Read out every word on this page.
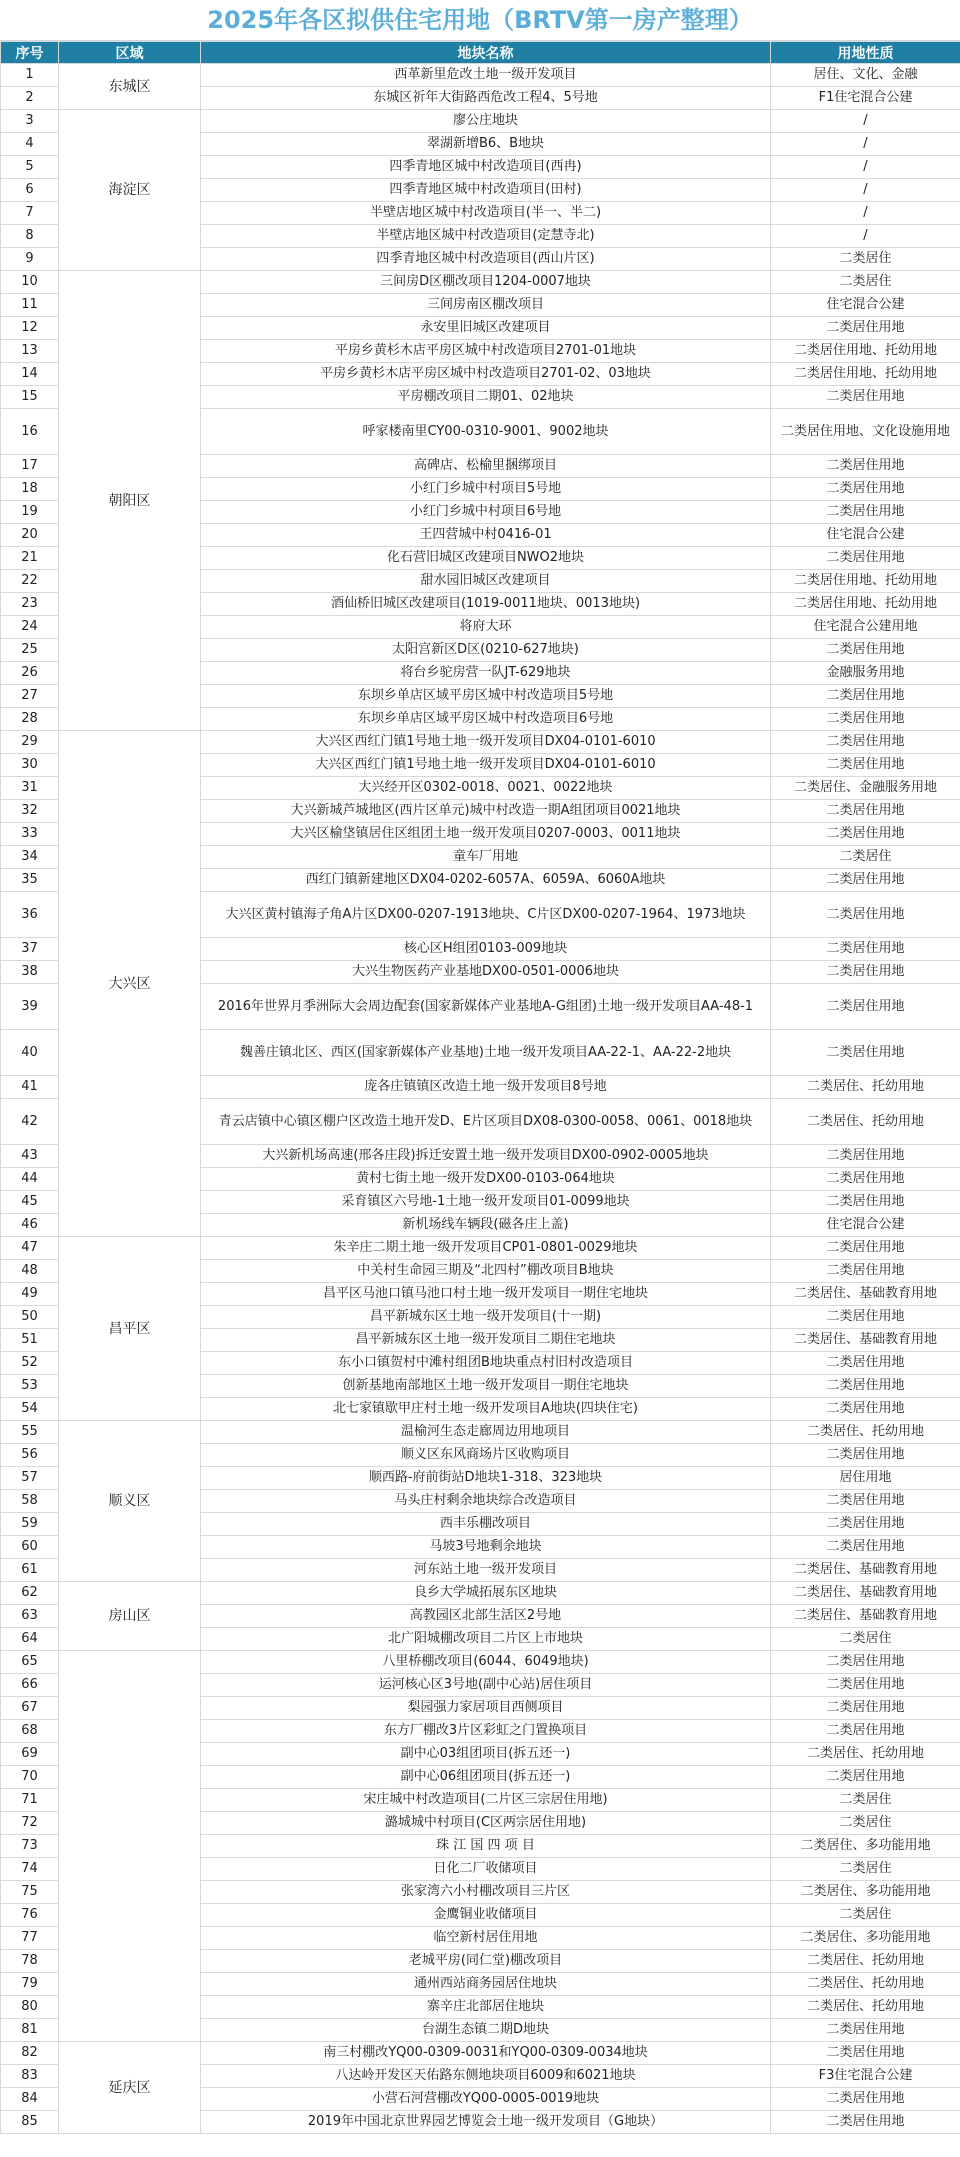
2025年各区拟供住宅用地（BRTV第一房产整理）
序号	区域	地块名称	用地性质
1	东城区	西革新里危改土地一级开发项目	居住、文化、金融
2		东城区祈年大街路西危改工程4、5号地	F1住宅混合公建
3	海淀区	廖公庄地块	/
4		翠湖新增B6、B地块	/
5		四季青地区城中村改造项目(西冉)	/
6		四季青地区城中村改造项目(田村)	/
7		半壁店地区城中村改造项目(半一、半二)	/
8		半壁店地区城中村改造项目(定慧寺北)	/
9		四季青地区城中村改造项目(西山片区)	二类居住
10	朝阳区	三间房D区棚改项目1204-0007地块	二类居住
11		三间房南区棚改项目	住宅混合公建
12		永安里旧城区改建项目	二类居住用地
13		平房乡黄杉木店平房区城中村改造项目2701-01地块	二类居住用地、托幼用地
14		平房乡黄杉木店平房区城中村改造项目2701-02、03地块	二类居住用地、托幼用地
15		平房棚改项目二期01、02地块	二类居住用地
16		呼家楼南里CY00-0310-9001、9002地块	二类居住用地、文化设施用地
17		高碑店、松榆里捆绑项目	二类居住用地
18		小红门乡城中村项目5号地	二类居住用地
19		小红门乡城中村项目6号地	二类居住用地
20		王四营城中村0416-01	住宅混合公建
21		化石营旧城区改建项目NWO2地块	二类居住用地
22		甜水园旧城区改建项目	二类居住用地、托幼用地
23		酒仙桥旧城区改建项目(1019-0011地块、0013地块)	二类居住用地、托幼用地
24		将府大环	住宅混合公建用地
25		太阳宫新区D区(0210-627地块)	二类居住用地
26		将台乡驼房营一队JT-629地块	金融服务用地
27		东坝乡单店区域平房区城中村改造项目5号地	二类居住用地
28		东坝乡单店区域平房区城中村改造项目6号地	二类居住用地
29	大兴区	大兴区西红门镇1号地土地一级开发项目DX04-0101-6010	二类居住用地
30		大兴区西红门镇1号地土地一级开发项目DX04-0101-6010	二类居住用地
31		大兴经开区0302-0018、0021、0022地块	二类居住、金融服务用地
32		大兴新城芦城地区(西片区单元)城中村改造一期A组团项目0021地块	二类居住用地
33		大兴区榆垡镇居住区组团土地一级开发项目0207-0003、0011地块	二类居住用地
34		童车厂用地	二类居住
35		西红门镇新建地区DX04-0202-6057A、6059A、6060A地块	二类居住用地
36		大兴区黄村镇海子角A片区DX00-0207-1913地块、C片区DX00-0207-1964、1973地块	二类居住用地
37		核心区H组团0103-009地块	二类居住用地
38		大兴生物医药产业基地DX00-0501-0006地块	二类居住用地
39		2016年世界月季洲际大会周边配套(国家新媒体产业基地A-G组团)土地一级开发项目AA-48-1	二类居住用地
40		魏善庄镇北区、西区(国家新媒体产业基地)土地一级开发项目AA-22-1、AA-22-2地块	二类居住用地
41		庞各庄镇镇区改造土地一级开发项目8号地	二类居住、托幼用地
42		青云店镇中心镇区棚户区改造土地开发D、E片区项目DX08-0300-0058、0061、0018地块	二类居住、托幼用地
43		大兴新机场高速(邢各庄段)拆迁安置土地一级开发项目DX00-0902-0005地块	二类居住用地
44		黄村七街土地一级开发DX00-0103-064地块	二类居住用地
45		采育镇区六号地-1土地一级开发项目01-0099地块	二类居住用地
46		新机场线车辆段(磁各庄上盖)	住宅混合公建
47	昌平区	朱辛庄二期土地一级开发项目CP01-0801-0029地块	二类居住用地
48		中关村生命园三期及“北四村”棚改项目B地块	二类居住用地
49		昌平区马池口镇马池口村土地一级开发项目一期住宅地块	二类居住、基础教育用地
50		昌平新城东区土地一级开发项目(十一期)	二类居住用地
51		昌平新城东区土地一级开发项目二期住宅地块	二类居住、基础教育用地
52		东小口镇贺村中滩村组团B地块重点村旧村改造项目	二类居住用地
53		创新基地南部地区土地一级开发项目一期住宅地块	二类居住用地
54		北七家镇歇甲庄村土地一级开发项目A地块(四块住宅)	二类居住用地
55	顺义区	温榆河生态走廊周边用地项目	二类居住、托幼用地
56		顺义区东风商场片区收购项目	二类居住用地
57		顺西路-府前街站D地块1-318、323地块	居住用地
58		马头庄村剩余地块综合改造项目	二类居住用地
59		西丰乐棚改项目	二类居住用地
60		马坡3号地剩余地块	二类居住用地
61		河东站土地一级开发项目	二类居住、基础教育用地
62	房山区	良乡大学城拓展东区地块	二类居住、基础教育用地
63		高教园区北部生活区2号地	二类居住、基础教育用地
64		北广阳城棚改项目二片区上市地块	二类居住
65		八里桥棚改项目(6044、6049地块)	二类居住用地
66		运河核心区3号地(副中心站)居住项目	二类居住用地
67		梨园强力家居项目西侧项目	二类居住用地
68		东方厂棚改3片区彩虹之门置换项目	二类居住用地
69		副中心03组团项目(拆五还一)	二类居住、托幼用地
70		副中心06组团项目(拆五还一)	二类居住用地
71		宋庄城中村改造项目(二片区三宗居住用地)	二类居住
72		潞城城中村项目(C区两宗居住用地)	二类居住
73		珠 江 国 四 项 目	二类居住、多功能用地
74		日化二厂收储项目	二类居住
75		张家湾六小村棚改项目三片区	二类居住、多功能用地
76		金鹰铜业收储项目	二类居住
77		临空新村居住用地	二类居住、多功能用地
78		老城平房(同仁堂)棚改项目	二类居住、托幼用地
79		通州西站商务园居住地块	二类居住、托幼用地
80		寨辛庄北部居住地块	二类居住、托幼用地
81		台湖生态镇二期D地块	二类居住用地
82	延庆区	南三村棚改YQ00-0309-0031和YQ00-0309-0034地块	二类居住用地
83		八达岭开发区天佑路东侧地块项目6009和6021地块	F3住宅混合公建
84		小营石河营棚改YQ00-0005-0019地块	二类居住用地
85		2019年中国北京世界园艺博览会土地一级开发项目（G地块）	二类居住用地
